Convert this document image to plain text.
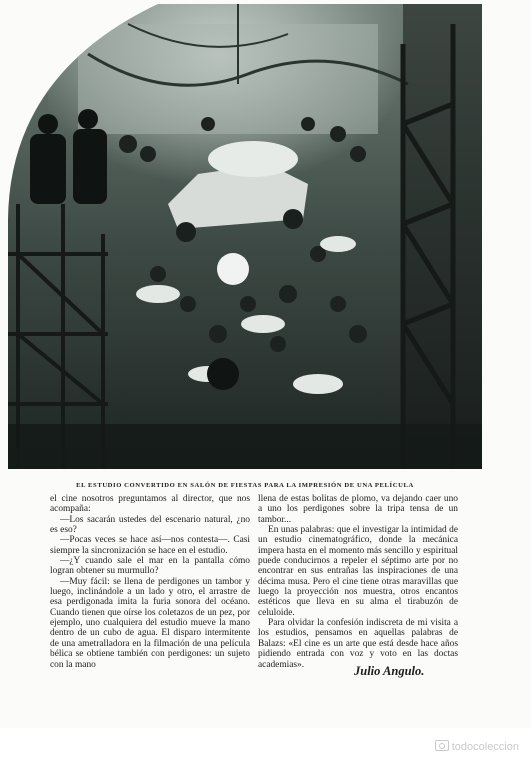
EL ESTUDIO CONVERTIDO EN SALÓN DE FIESTAS PARA LA IMPRESIÓN DE UNA PELÍCULA

el cine nosotros preguntamos al director, que nos acompaña:

—Los sacarán ustedes del escenario natural, ¿no es eso?

—Pocas veces se hace así—nos contesta—. Casi siempre la sincronización se hace en el estudio.

—¿Y cuando sale el mar en la pantalla cómo logran obtener su murmullo?

—Muy fácil: se llena de perdigones un tambor y luego, inclinándole a un lado y otro, el arrastre de esa perdigonada imita la furia sonora del océano. Cuando tienen que oírse los coletazos de un pez, por ejemplo, uno cualquiera del estudio mueve la mano dentro de un cubo de agua. El disparo intermitente de una ametralladora en la filmación de una película bélica se obtiene también con perdigones: un sujeto con la mano

llena de estas bolitas de plomo, va dejando caer uno a uno los perdigones sobre la tripa tensa de un tambor...

En unas palabras: que el investigar la intimidad de un estudio cinematográfico, donde la mecánica impera hasta en el momento más sencillo y espiritual puede conducirnos a repeler el séptimo arte por no encontrar en sus entrañas las inspiraciones de una décima musa. Pero el cine tiene otras maravillas que luego la proyección nos muestra, otros encantos estéticos que lleva en su alma el tirabuzón de celuloide.

Para olvidar la confesión indiscreta de mi visita a los estudios, pensamos en aquellas palabras de Balazs: «El cine es un arte que está desde hace años pidiendo entrada con voz y voto en las doctas academias».	Julio Angulo.
todocoleccion
